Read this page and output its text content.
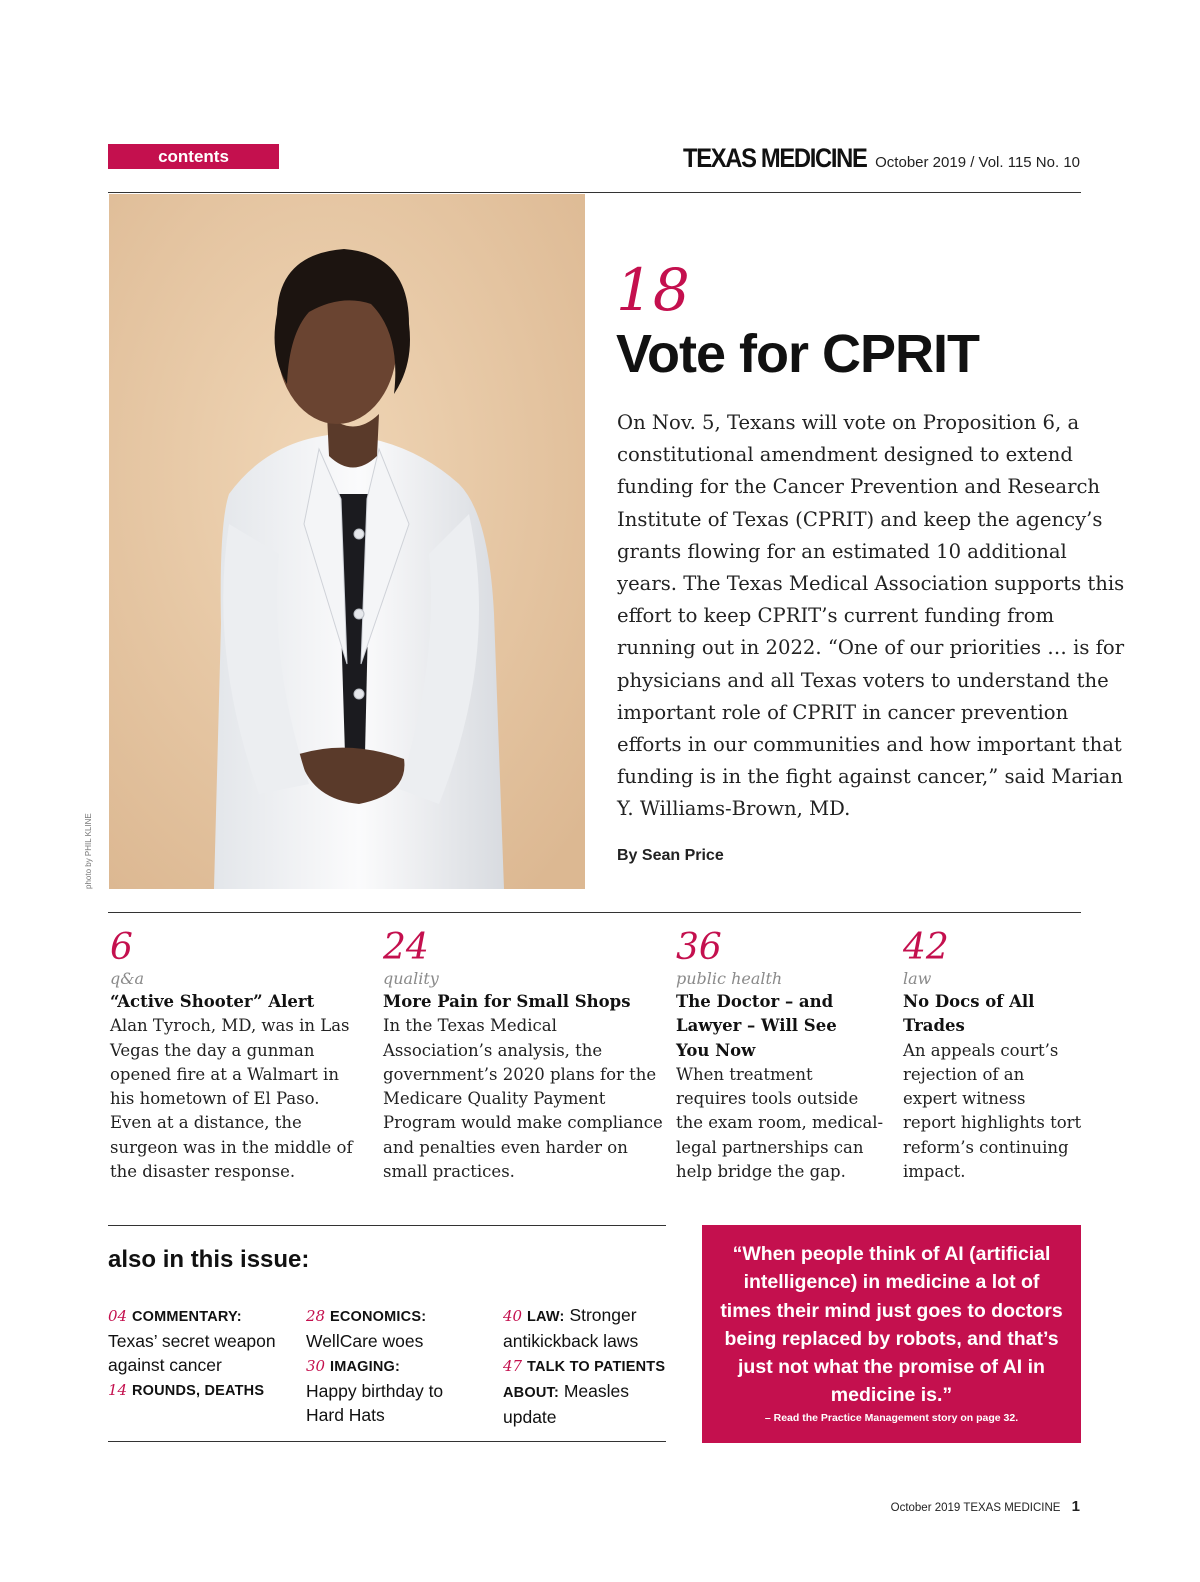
contents	TEXAS MEDICINE October 2019 / Vol. 115 No. 10
photo by PHIL KLINE
18
Vote for CPRIT
On Nov. 5, Texans will vote on Proposition 6, a constitutional amendment designed to extend funding for the Cancer Prevention and Research Institute of Texas (CPRIT) and keep the agency’s grants flowing for an estimated 10 additional years. The Texas Medical Association supports this effort to keep CPRIT’s current funding from running out in 2022. “One of our priorities … is for physicians and all Texas voters to understand the important role of CPRIT in cancer prevention efforts in our communities and how important that funding is in the fight against cancer,” said Marian Y. Williams-Brown, MD.
By Sean Price
6
q&a
“Active Shooter” Alert
Alan Tyroch, MD, was in Las Vegas the day a gunman opened fire at a Walmart in his hometown of El Paso. Even at a distance, the surgeon was in the middle of the disaster response.
24
quality
More Pain for Small Shops
In the Texas Medical Association’s analysis, the government’s 2020 plans for the Medicare Quality Payment Program would make compliance and penalties even harder on small practices.
36
public health
The Doctor – and Lawyer – Will See You Now
When treatment requires tools outside the exam room, medical-legal partnerships can help bridge the gap.
42
law
No Docs of All Trades
An appeals court’s rejection of an expert witness report highlights tort reform’s continuing impact.
also in this issue:
04 COMMENTARY:
Texas’ secret weapon against cancer
14 ROUNDS, DEATHS
28 ECONOMICS:
WellCare woes
30 IMAGING:
Happy birthday to Hard Hats
40 LAW: Stronger antikickback laws
47 TALK TO PATIENTS ABOUT: Measles update
“When people think of AI (artificial intelligence) in medicine a lot of times their mind just goes to doctors being replaced by robots, and that’s just not what the promise of AI in medicine is.”
– Read the Practice Management story on page 32.
October 2019 TEXAS MEDICINE 1
